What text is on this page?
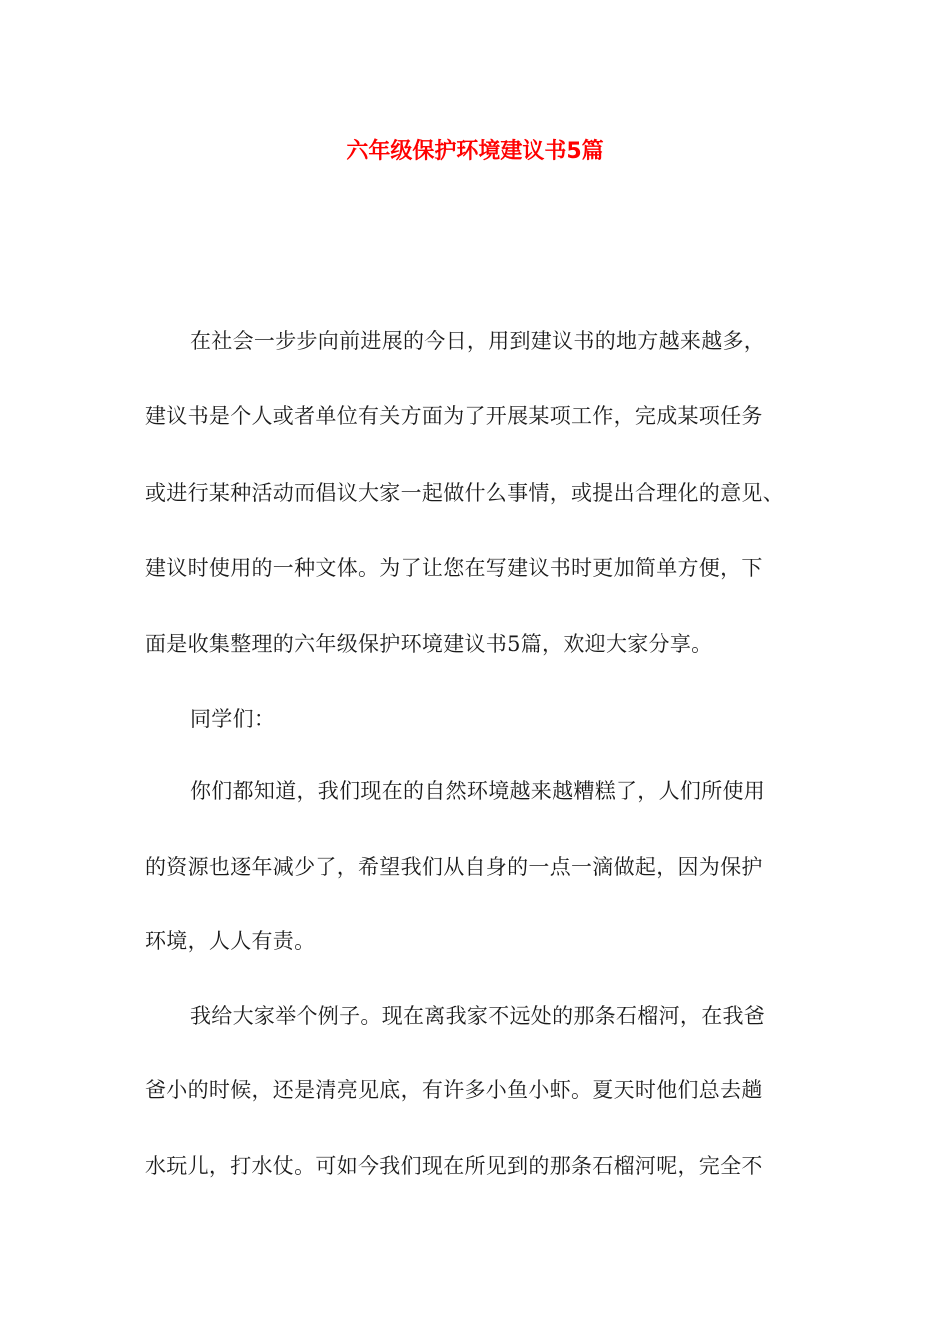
六年级保护环境建议书5篇
在社会一步步向前进展的今日，用到建议书的地方越来越多，
建议书是个人或者单位有关方面为了开展某项工作，完成某项任务
或进行某种活动而倡议大家一起做什么事情，或提出合理化的意见、
建议时使用的一种文体。为了让您在写建议书时更加简单方便，下
面是收集整理的六年级保护环境建议书5篇，欢迎大家分享。
同学们：
你们都知道，我们现在的自然环境越来越糟糕了，人们所使用
的资源也逐年减少了，希望我们从自身的一点一滴做起，因为保护
环境，人人有责。
我给大家举个例子。现在离我家不远处的那条石榴河，在我爸
爸小的时候，还是清亮见底，有许多小鱼小虾。夏天时他们总去趟
水玩儿，打水仗。可如今我们现在所见到的那条石榴河呢，完全不
